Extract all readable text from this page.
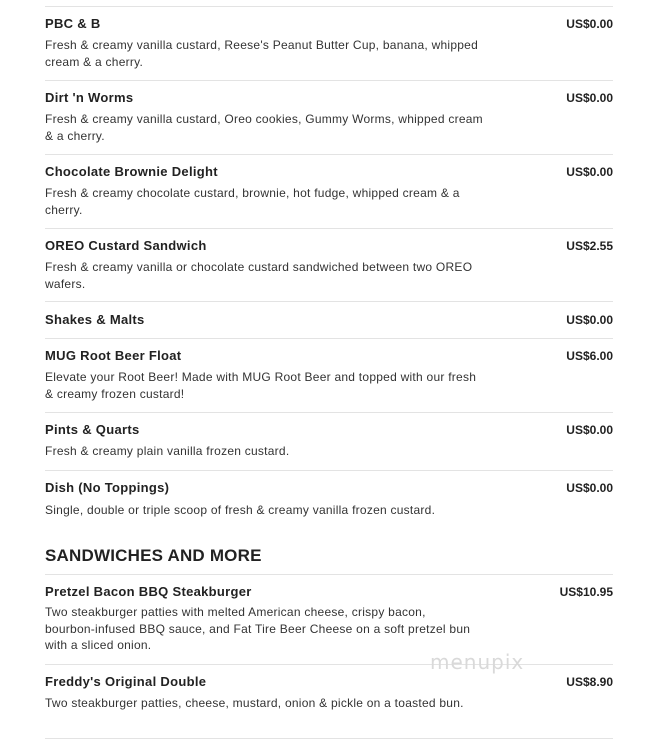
PBC & B	US$0.00
Fresh & creamy vanilla custard, Reese's Peanut Butter Cup, banana, whipped cream & a cherry.
Dirt 'n Worms	US$0.00
Fresh & creamy vanilla custard, Oreo cookies, Gummy Worms, whipped cream & a cherry.
Chocolate Brownie Delight	US$0.00
Fresh & creamy chocolate custard, brownie, hot fudge, whipped cream & a cherry.
OREO Custard Sandwich	US$2.55
Fresh & creamy vanilla or chocolate custard sandwiched between two OREO wafers.
Shakes & Malts	US$0.00
MUG Root Beer Float	US$6.00
Elevate your Root Beer! Made with MUG Root Beer and topped with our fresh & creamy frozen custard!
Pints & Quarts	US$0.00
Fresh & creamy plain vanilla frozen custard.
Dish (No Toppings)	US$0.00
Single, double or triple scoop of fresh & creamy vanilla frozen custard.
SANDWICHES AND MORE
Pretzel Bacon BBQ Steakburger	US$10.95
Two steakburger patties with melted American cheese, crispy bacon, bourbon-infused BBQ sauce, and Fat Tire Beer Cheese on a soft pretzel bun with a sliced onion.
Freddy's Original Double	US$8.90
Two steakburger patties, cheese, mustard, onion & pickle on a toasted bun.
menupix
